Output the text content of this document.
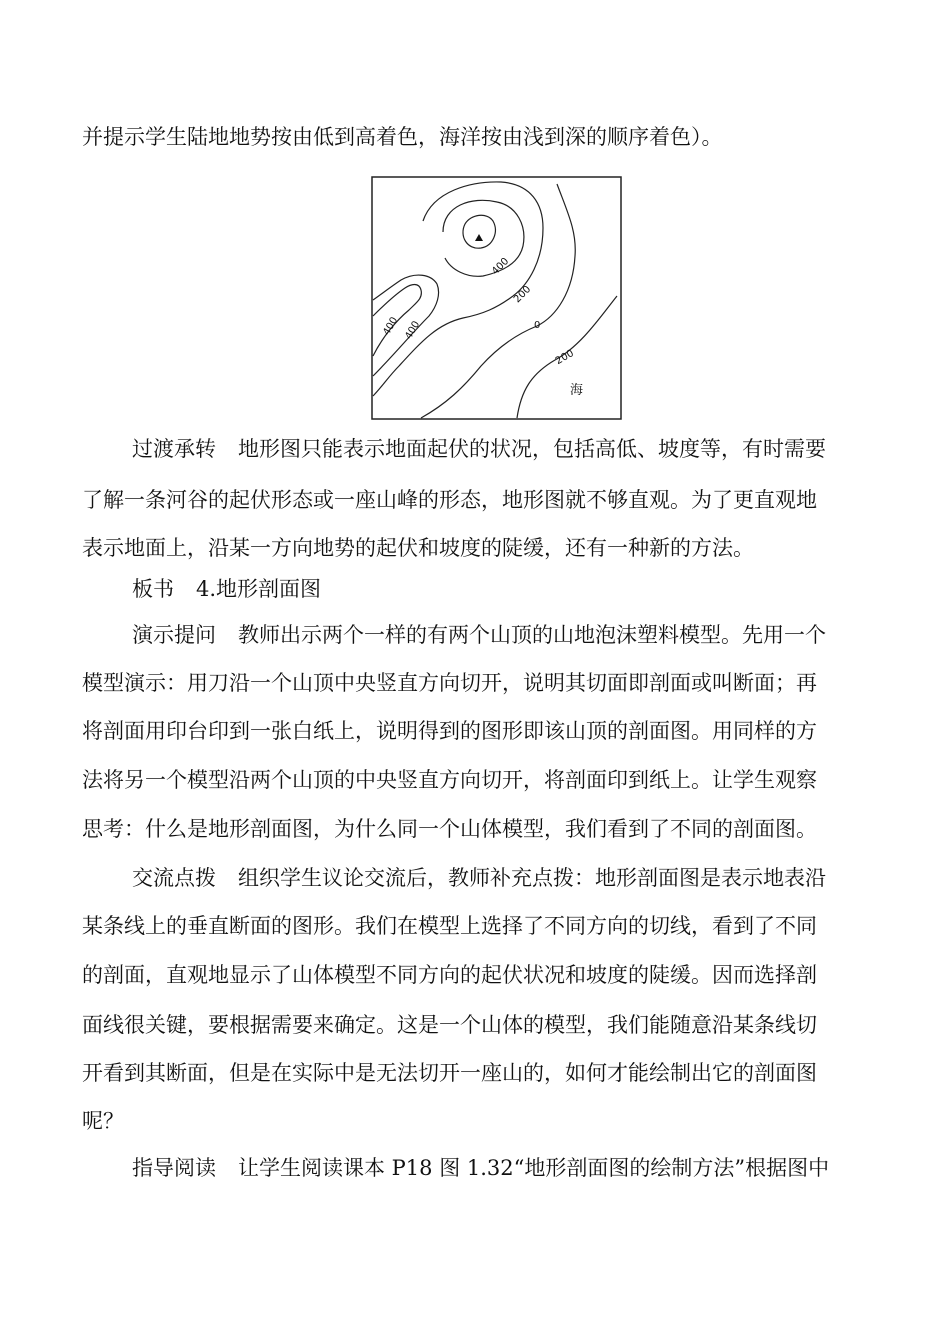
并提示学生陆地地势按由低到高着色，海洋按由浅到深的顺序着色）。

400
200
0
200
400 400
海

过渡承转 地形图只能表示地面起伏的状况，包括高低、坡度等，有时需要

了解一条河谷的起伏形态或一座山峰的形态，地形图就不够直观。为了更直观地

表示地面上，沿某一方向地势的起伏和坡度的陡缓，还有一种新的方法。

板书 4.地形剖面图

演示提问 教师出示两个一样的有两个山顶的山地泡沫塑料模型。先用一个

模型演示：用刀沿一个山顶中央竖直方向切开，说明其切面即剖面或叫断面；再

将剖面用印台印到一张白纸上，说明得到的图形即该山顶的剖面图。用同样的方

法将另一个模型沿两个山顶的中央竖直方向切开，将剖面印到纸上。让学生观察

思考：什么是地形剖面图，为什么同一个山体模型，我们看到了不同的剖面图。

交流点拨 组织学生议论交流后，教师补充点拨：地形剖面图是表示地表沿

某条线上的垂直断面的图形。我们在模型上选择了不同方向的切线，看到了不同

的剖面，直观地显示了山体模型不同方向的起伏状况和坡度的陡缓。因而选择剖

面线很关键，要根据需要来确定。这是一个山体的模型，我们能随意沿某条线切

开看到其断面，但是在实际中是无法切开一座山的，如何才能绘制出它的剖面图

呢？

指导阅读 让学生阅读课本 P18 图 1.32“地形剖面图的绘制方法”根据图中
